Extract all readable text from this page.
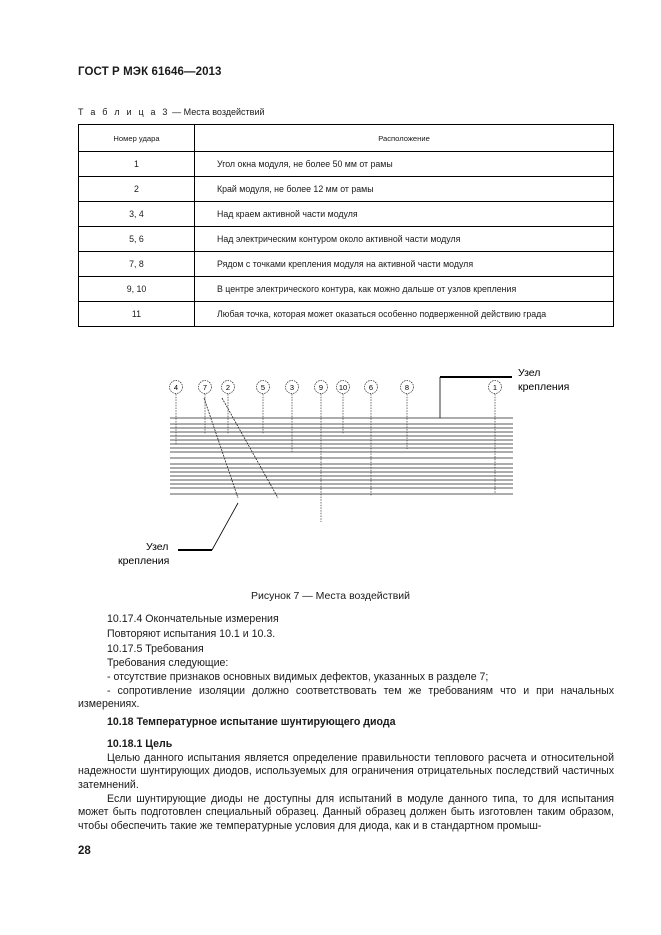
ГОСТ Р МЭК 61646—2013
Т а б л и ц а 3 — Места воздействий
Номер удара	Расположение
1	Угол окна модуля, не более 50 мм от рамы
2	Край модуля, не более 12 мм от рамы
3, 4	Над краем активной части модуля
5, 6	Над электрическим контуром около активной части модуля
7, 8	Рядом с точками крепления модуля на активной части модуля
9, 10	В центре электрического контура, как можно дальше от узлов крепления
11	Любая точка, которая может оказаться особенно подверженной действию града
4	7	2	5	3	9 10	6	8	1
Узел
крепления
Узел
крепления
Рисунок 7 — Места воздействий
10.17.4 Окончательные измерения
Повторяют испытания 10.1 и 10.3.
10.17.5 Требования
Требования следующие:
- отсутствие признаков основных видимых дефектов, указанных в разделе 7;
- сопротивление изоляции должно соответствовать тем же требованиям что и при начальных измерениях.
10.18 Температурное испытание шунтирующего диода
10.18.1 Цель
Целью данного испытания является определение правильности теплового расчета и относительной надежности шунтирующих диодов, используемых для ограничения отрицательных последствий частичных затемнений.
Если шунтирующие диоды не доступны для испытаний в модуле данного типа, то для испытания может быть подготовлен специальный образец. Данный образец должен быть изготовлен таким образом, чтобы обеспечить такие же температурные условия для диода, как и в стандартном промыш-
28
